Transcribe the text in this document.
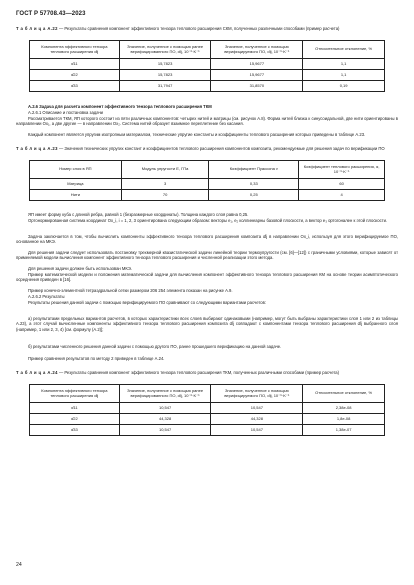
ГОСТ Р 57708.43—2023
Т а б л и ц а А.22 — Результаты сравнения компонент эффективного тензора теплового расширения СКМ, полученных различными способами (пример расчета)
Компонента эффективного тензора теплового расширения α̂ij	Значение, полученное с помощью ранее верифицированного ПО, α̂ij, 10⁻⁶·K⁻¹	Значение, полученное с помощью верифицируемого ПО, α̂ij, 10⁻⁶·K⁻¹	Относительное отклонение, %
α̂11	15,7823	15,9677	1,1
α̂22	15,7823	15,9677	1,1
α̂33	31,7947	31,8570	0,19

А.2.6 Задача для расчета компонент эффективного тензора теплового расширения ТКМ

А.2.6.1 Описание и постановка задачи

Рассматривается ТКМ, ЯП которого состоит из пяти различных компонентов: четырех нитей и матрицы (см. рисунок А.8). Форма нитей близка к синусоидальной, две нити ориентированы в направлении Ox₁, а две другие — в направлении Ox₂. Система нитей образует взаимное переплетение без касания.

Каждый компонент является упругим изотропным материалом, технические упругие константы и коэффициенты теплового расширения которых приведены в таблице А.23.

Т а б л и ц а А.23 — Значения технических упругих констант и коэффициентов теплового расширения компонентов композита, рекомендуемые для решения задач по верификации ПО
Номер слоя в ЯП	Модуль упругости E, ГПа	Коэффициент Пуассона ν	Коэффициент теплового расширения, α, 10⁻⁶·K⁻¹
Матрица	3	0,33	60
Нити	70	0,25	4

ЯП имеет форму куба с длиной ребра, равной 1 (безразмерные координаты). Толщина каждого слоя равна 0,25.

Ортонормированная система координат Ox_i, i = 1, 2, 3 ориентирована следующим образом: векторы e₁, e₂ коллинеарны базовой плоскости, а вектор e₃ ортогонален к этой плоскости.

Задача заключается в том, чтобы вычислить компоненты эффективного тензора теплового расширения композита α̂ij в направлении Ox_i, используя для этого верифицируемое ПО, основанное на МКЭ.

Для решения задачи следует использовать постановку трехмерной квазистатической задачи линейной теории термоупругости (см. [6]—[12]) с граничными условиями, которые зависят от применяемой модели вычисления компонент эффективного тензора теплового расширения и численной реализации этого метода.

Для решения задачи должен быть использован МКЭ.

Пример математической модели и положения математической задачи для вычисления компонент эффективного тензора теплового расширения КМ на основе теории асимптотического осреднения приведен в [16].

Пример конечно-элементной тетраэдральной сетки размером 206 254 элемента показан на рисунке А.9.

А.2.6.2 Результаты

Результаты решения данной задачи с помощью верифицируемого ПО сравнивают со следующими вариантами расчетов:

а) результатами предельных вариантов расчетов, в которых характеристики всех слоев выбирают одинаковыми (например, могут быть выбраны характеристики слоя 1 или 2 из таблицы А.23), а этот случай вычисленные компоненты эффективного тензора теплового расширения композита α̂ij совпадают с компонентами тензора теплового расширения α̂ij выбранного слоя (например, 1 или 2, 3, 4) [см. формулу (А.2)];

б) результатами численного решения данной задачи с помощью другого ПО, ранее прошедшего верификацию на данной задаче.

Пример сравнения результатов по методу 2 приведен в таблице А.24.

Т а б л и ц а А.24 — Результаты сравнения компонент эффективного тензора теплового расширения ТКМ, полученных различными способами (пример расчета)
Компонента эффективного тензора теплового расширения α̂ij	Значение, полученное с помощью ранее верифицированного ПО, α̂ij, 10⁻⁶·K⁻¹	Значение, полученное с помощью верифицируемого ПО, α̂ij, 10⁻⁶·K⁻¹	Относительное отклонение, %
α̂11	10,547	10,547	2,38e-08
α̂22	44,328	44,328	1,8e-08
α̂33	10,547	10,547	1,38e-07
24
